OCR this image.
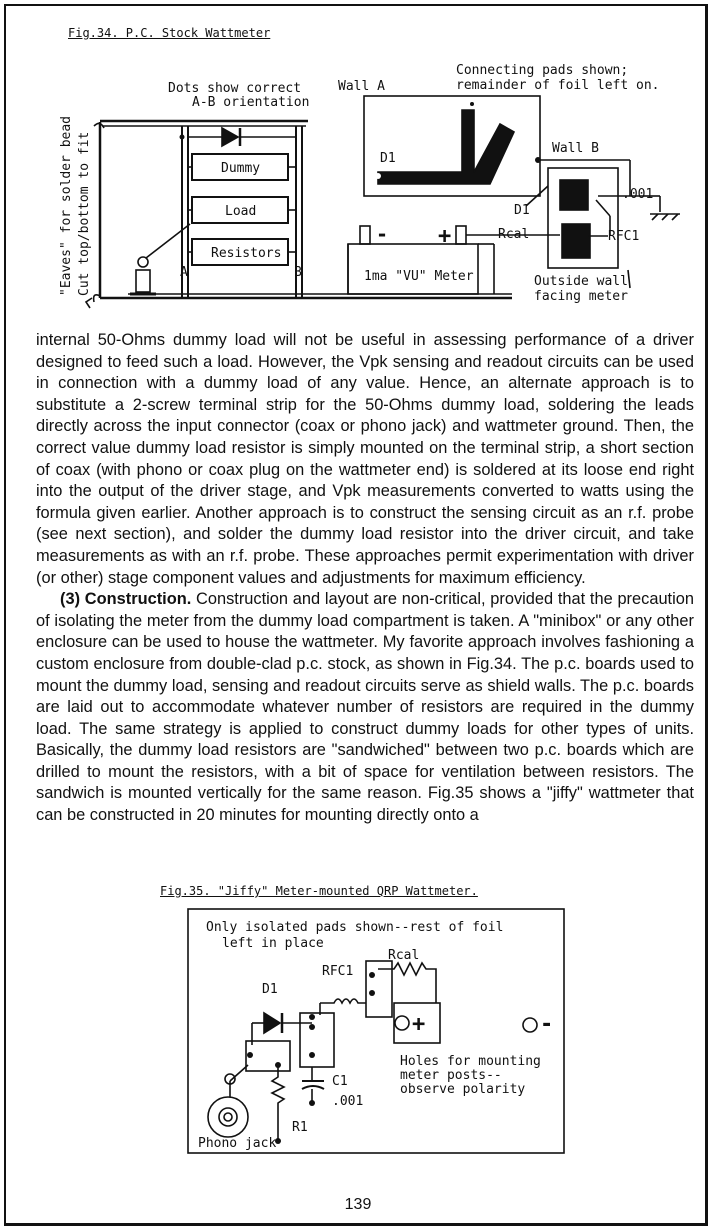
Fig.34. P.C. Stock Wattmeter
Dots show correct
A-B orientation
Wall A
Connecting pads shown;
remainder of foil left on.
Wall B
D1
D1
.001
Rcal	RFC1
Dummy
Load
Resistors
A	B
- +
1ma "VU" Meter	Outside wall
facing meter
"Eaves" for solder bead Cut top/bottom to fit

internal 50-Ohms dummy load will not be useful in assessing performance of a driver designed to feed such a load. However, the Vpk sensing and readout circuits can be used in connection with a dummy load of any value. Hence, an alternate approach is to substitute a 2-screw terminal strip for the 50-Ohms dummy load, soldering the leads directly across the input connector (coax or phono jack) and wattmeter ground. Then, the correct value dummy load resistor is simply mounted on the terminal strip, a short section of coax (with phono or coax plug on the wattmeter end) is soldered at its loose end right into the output of the driver stage, and Vpk measurements converted to watts using the formula given earlier. Another approach is to construct the sensing circuit as an r.f. probe (see next section), and solder the dummy load resistor into the driver circuit, and take measurements as with an r.f. probe. These approaches permit experimentation with driver (or other) stage component values and adjustments for maximum efficiency.

(3) Construction. Construction and layout are non-critical, provided that the precaution of isolating the meter from the dummy load compartment is taken. A "minibox" or any other enclosure can be used to house the wattmeter. My favorite approach involves fashioning a custom enclosure from double-clad p.c. stock, as shown in Fig.34. The p.c. boards used to mount the dummy load, sensing and readout circuits serve as shield walls. The p.c. boards are laid out to accommodate whatever number of resistors are required in the dummy load. The same strategy is applied to construct dummy loads for other types of units. Basically, the dummy load resistors are "sandwiched" between two p.c. boards which are drilled to mount the resistors, with a bit of space for ventilation between resistors. The sandwich is mounted vertically for the same reason. Fig.35 shows a "jiffy" wattmeter that can be constructed in 20 minutes for mounting directly onto a

Fig.35. "Jiffy" Meter-mounted QRP Wattmeter.
Only isolated pads shown--rest of foil
left in place
Rcal
RFC1
D1
+	-
Holes for mounting
meter posts--
observe polarity
C1
.001
R1
Phono jack
139
